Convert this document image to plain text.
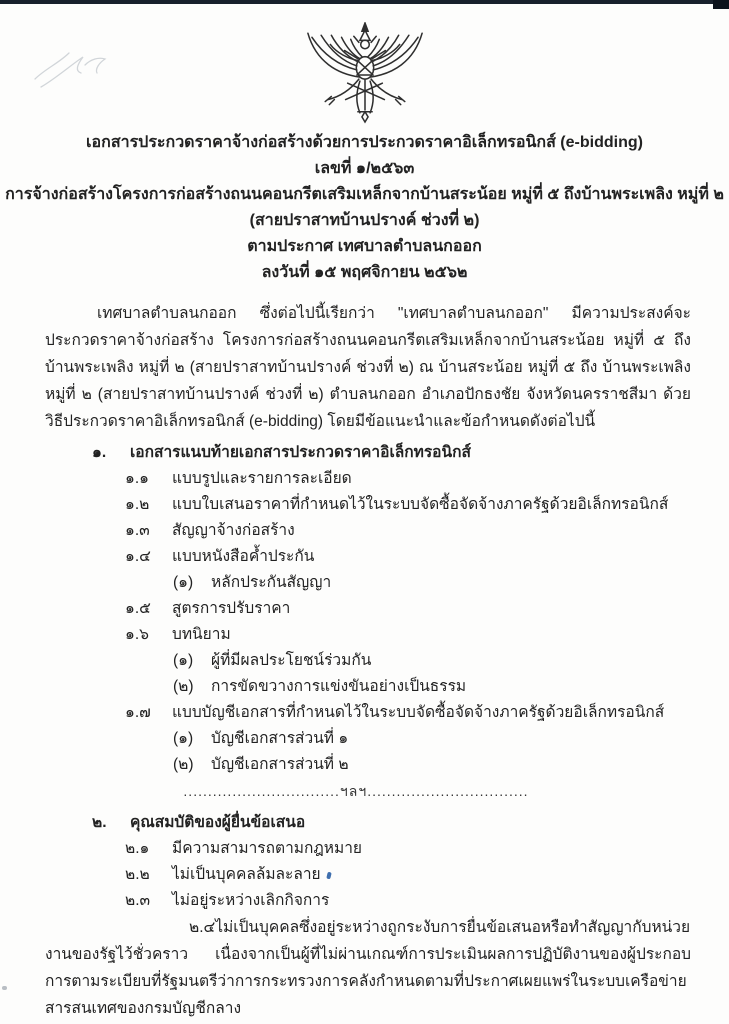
เอกสารประกวดราคาจ้างก่อสร้างด้วยการประกวดราคาอิเล็กทรอนิกส์ (e-bidding)
เลขที่ ๑/๒๕๖๓
การจ้างก่อสร้างโครงการก่อสร้างถนนคอนกรีตเสริมเหล็กจากบ้านสระน้อย หมู่ที่ ๕ ถึงบ้านพระเพลิง หมู่ที่ ๒
(สายปราสาทบ้านปรางค์ ช่วงที่ ๒)
ตามประกาศ เทศบาลตำบลนกออก
ลงวันที่ ๑๕ พฤศจิกายน ๒๕๖๒

เทศบาลตำบลนกออก ซึ่งต่อไปนี้เรียกว่า "เทศบาลตำบลนกออก" มีความประสงค์จะ ประกวดราคาจ้างก่อสร้าง โครงการก่อสร้างถนนคอนกรีตเสริมเหล็กจากบ้านสระน้อย หมู่ที่ ๕ ถึงบ้านพระเพลิง หมู่ที่ ๒ (สายปราสาทบ้านปรางค์ ช่วงที่ ๒) ณ บ้านสระน้อย หมู่ที่ ๕ ถึง บ้านพระเพลิง หมู่ที่ ๒ (สายปราสาทบ้านปรางค์ ช่วงที่ ๒) ตำบลนกออก อำเภอปักธงชัย จังหวัดนครราชสีมา ด้วยวิธีประกวดราคาอิเล็กทรอนิกส์ (e-bidding) โดยมีข้อแนะนำและข้อกำหนดดังต่อไปนี้

๑. เอกสารแนบท้ายเอกสารประกวดราคาอิเล็กทรอนิกส์
๑.๑ แบบรูปและรายการละเอียด
๑.๒ แบบใบเสนอราคาที่กำหนดไว้ในระบบจัดซื้อจัดจ้างภาครัฐด้วยอิเล็กทรอนิกส์
๑.๓ สัญญาจ้างก่อสร้าง
๑.๔ แบบหนังสือค้ำประกัน
(๑) หลักประกันสัญญา
๑.๕ สูตรการปรับราคา
๑.๖ บทนิยาม
(๑) ผู้ที่มีผลประโยชน์ร่วมกัน
(๒) การขัดขวางการแข่งขันอย่างเป็นธรรม
๑.๗ แบบบัญชีเอกสารที่กำหนดไว้ในระบบจัดซื้อจัดจ้างภาครัฐด้วยอิเล็กทรอนิกส์
(๑) บัญชีเอกสารส่วนที่ ๑
(๒) บัญชีเอกสารส่วนที่ ๒
................................ฯลฯ.................................
๒. คุณสมบัติของผู้ยื่นข้อเสนอ
๒.๑ มีความสามารถตามกฎหมาย
๒.๒ ไม่เป็นบุคคลล้มละลาย
๒.๓ ไม่อยู่ระหว่างเลิกกิจการ

๒.๔ไม่เป็นบุคคลซึ่งอยู่ระหว่างถูกระงับการยื่นข้อเสนอหรือทำสัญญากับหน่วยงานของรัฐไว้ชั่วคราว เนื่องจากเป็นผู้ที่ไม่ผ่านเกณฑ์การประเมินผลการปฏิบัติงานของผู้ประกอบการตามระเบียบที่รัฐมนตรีว่าการกระทรวงการคลังกำหนดตามที่ประกาศเผยแพร่ในระบบเครือข่ายสารสนเทศของกรมบัญชีกลาง
